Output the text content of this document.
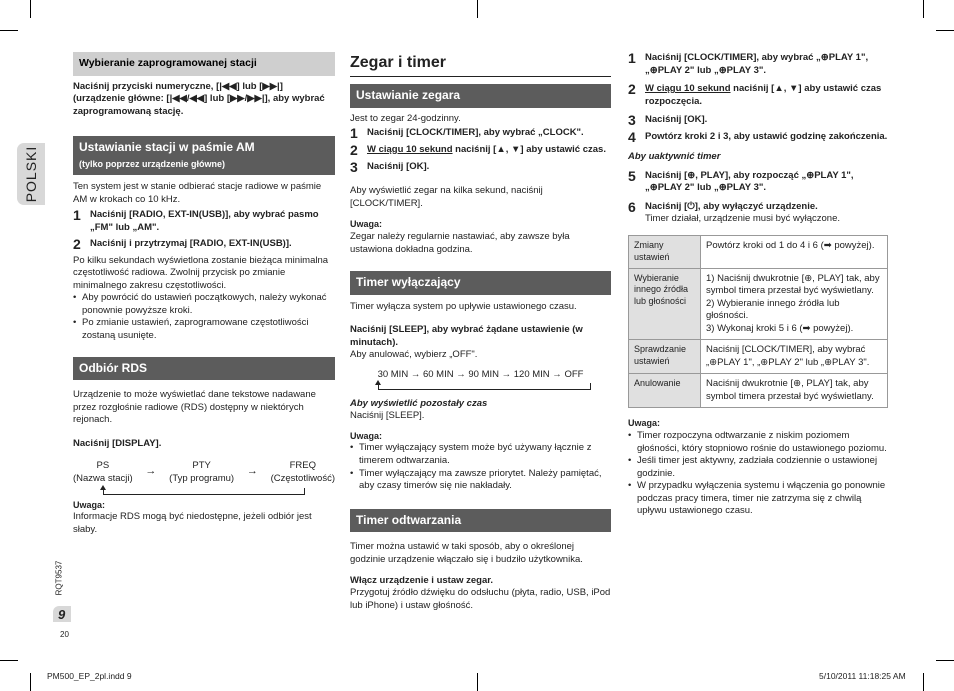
POLSKI
RQT9537
9
20
PM500_EP_2pl.indd 9	5/10/2011 11:18:25 AM
Wybieranie zaprogramowanej stacji
Naciśnij przyciski numeryczne, [|◀◀] lub [▶▶|] (urządzenie główne: [|◀◀/◀◀] lub [▶▶/▶▶|], aby wybrać zaprogramowaną stację.
Ustawianie stacji w paśmie AM
(tylko poprzez urządzenie główne)
Ten system jest w stanie odbierać stacje radiowe w paśmie AM w krokach co 10 kHz.
1 Naciśnij [RADIO, EXT-IN(USB)], aby wybrać pasmo „FM" lub „AM".
2 Naciśnij i przytrzymaj [RADIO, EXT-IN(USB)].
Po kilku sekundach wyświetlona zostanie bieżąca minimalna częstotliwość radiowa. Zwolnij przycisk po zmianie minimalnego zakresu częstotliwości.
• Aby powrócić do ustawień początkowych, należy wykonać ponownie powyższe kroki.
• Po zmianie ustawień, zaprogramowane częstotliwości zostaną usunięte.
Odbiór RDS
Urządzenie to może wyświetlać dane tekstowe nadawane przez rozgłośnie radiowe (RDS) dostępny w niektórych rejonach.
Naciśnij [DISPLAY].
PS
(Nazwa stacji)
→	PTY
(Typ programu)
→	FREQ
(Częstotliwość)
Uwaga:
Informacje RDS mogą być niedostępne, jeżeli odbiór jest słaby.
Zegar i timer
Ustawianie zegara
Jest to zegar 24-godzinny.
1 Naciśnij [CLOCK/TIMER], aby wybrać „CLOCK".
2 W ciągu 10 sekund naciśnij [▲, ▼] aby ustawić czas.
3 Naciśnij [OK].
Aby wyświetlić zegar na kilka sekund, naciśnij [CLOCK/TIMER].
Uwaga:
Zegar należy regularnie nastawiać, aby zawsze była ustawiona dokładna godzina.
Timer wyłączający
Timer wyłącza system po upływie ustawionego czasu.
Naciśnij [SLEEP], aby wybrać żądane ustawienie (w minutach).
Aby anulować, wybierz „OFF".
30 MIN → 60 MIN → 90 MIN → 120 MIN → OFF
Aby wyświetlić pozostały czas
Naciśnij [SLEEP].
Uwaga:
• Timer wyłączający system może być używany łącznie z timerem odtwarzania.
• Timer wyłączający ma zawsze priorytet. Należy pamiętać, aby czasy timerów się nie nakładały.
Timer odtwarzania
Timer można ustawić w taki sposób, aby o określonej godzinie urządzenie włączało się i budziło użytkownika.
Włącz urządzenie i ustaw zegar.
Przygotuj źródło dźwięku do odsłuchu (płyta, radio, USB, iPod lub iPhone) i ustaw głośność.
1 Naciśnij [CLOCK/TIMER], aby wybrać „⊕PLAY 1", „⊕PLAY 2" lub „⊕PLAY 3".
2 W ciągu 10 sekund naciśnij [▲, ▼] aby ustawić czas rozpoczęcia.
3 Naciśnij [OK].
4 Powtórz kroki 2 i 3, aby ustawić godzinę zakończenia.
Aby uaktywnić timer
5 Naciśnij [⊕, PLAY], aby rozpocząć „⊕PLAY 1", „⊕PLAY 2" lub „⊕PLAY 3".
6 Naciśnij [⏻], aby wyłączyć urządzenie.
Timer działał, urządzenie musi być wyłączone.
Zmiany ustawień	Powtórz kroki od 1 do 4 i 6 (➡ powyżej).
Wybieranie innego źródła lub głośności	1) Naciśnij dwukrotnie [⊕, PLAY] tak, aby symbol timera przestał być wyświetlany.
2) Wybieranie innego źródła lub głośności.
3) Wykonaj kroki 5 i 6 (➡ powyżej).
Sprawdzanie ustawień	Naciśnij [CLOCK/TIMER], aby wybrać „⊕PLAY 1", „⊕PLAY 2" lub „⊕PLAY 3".
Anulowanie	Naciśnij dwukrotnie [⊕, PLAY] tak, aby symbol timera przestał być wyświetlany.
Uwaga:
• Timer rozpoczyna odtwarzanie z niskim poziomem głośności, który stopniowo rośnie do ustawionego poziomu.
• Jeśli timer jest aktywny, zadziała codziennie o ustawionej godzinie.
• W przypadku wyłączenia systemu i włączenia go ponownie podczas pracy timera, timer nie zatrzyma się z chwilą upływu ustawionego czasu.
